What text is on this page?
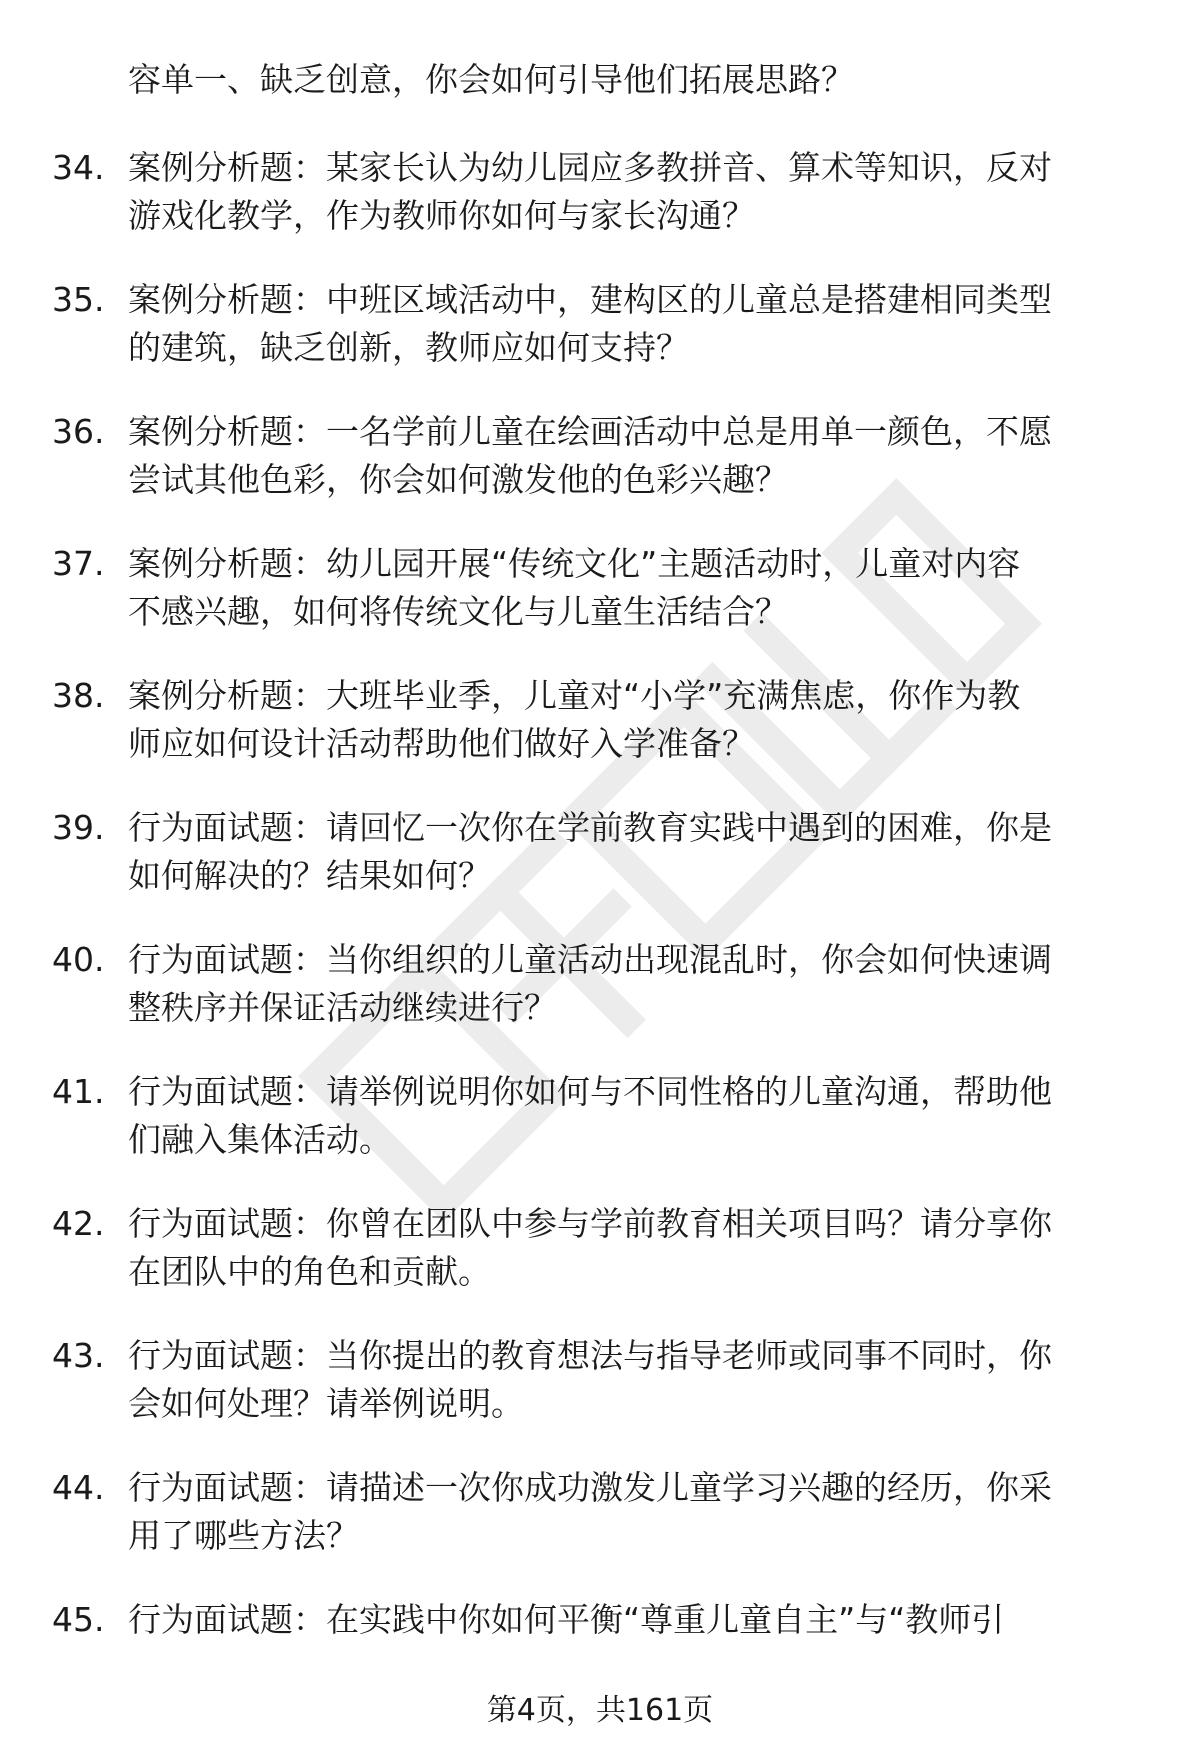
容单一、缺乏创意，你会如何引导他们拓展思路？
34. 案例分析题：某家长认为幼儿园应多教拼音、算术等知识，反对
游戏化教学，作为教师你如何与家长沟通？
35. 案例分析题：中班区域活动中，建构区的儿童总是搭建相同类型
的建筑，缺乏创新，教师应如何支持？
36. 案例分析题：一名学前儿童在绘画活动中总是用单一颜色，不愿
尝试其他色彩，你会如何激发他的色彩兴趣？
37. 案例分析题：幼儿园开展“传统文化”主题活动时，儿童对内容
不感兴趣，如何将传统文化与儿童生活结合？
38. 案例分析题：大班毕业季，儿童对“小学”充满焦虑，你作为教
师应如何设计活动帮助他们做好入学准备？
39. 行为面试题：请回忆一次你在学前教育实践中遇到的困难，你是
如何解决的？结果如何？
40. 行为面试题：当你组织的儿童活动出现混乱时，你会如何快速调
整秩序并保证活动继续进行？
41. 行为面试题：请举例说明你如何与不同性格的儿童沟通，帮助他
们融入集体活动。
42. 行为面试题：你曾在团队中参与学前教育相关项目吗？请分享你
在团队中的角色和贡献。
43. 行为面试题：当你提出的教育想法与指导老师或同事不同时，你
会如何处理？请举例说明。
44. 行为面试题：请描述一次你成功激发儿童学习兴趣的经历，你采
用了哪些方法？
45. 行为面试题：在实践中你如何平衡“尊重儿童自主”与“教师引
第4页，共161页
